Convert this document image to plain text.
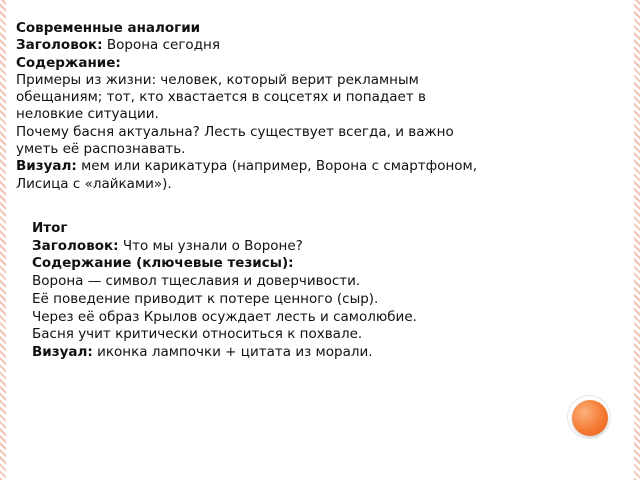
Современные аналогии
Заголовок: Ворона сегодня
Содержание:
Примеры из жизни: человек, который верит рекламным
обещаниям; тот, кто хвастается в соцсетях и попадает в
неловкие ситуации.
Почему басня актуальна? Лесть существует всегда, и важно
уметь её распознавать.
Визуал: мем или карикатура (например, Ворона с смартфоном,
Лисица с «лайками»).
Итог
Заголовок: Что мы узнали о Вороне?
Содержание (ключевые тезисы):
Ворона — символ тщеславия и доверчивости.
Её поведение приводит к потере ценного (сыр).
Через её образ Крылов осуждает лесть и самолюбие.
Басня учит критически относиться к похвале.
Визуал: иконка лампочки + цитата из морали.
